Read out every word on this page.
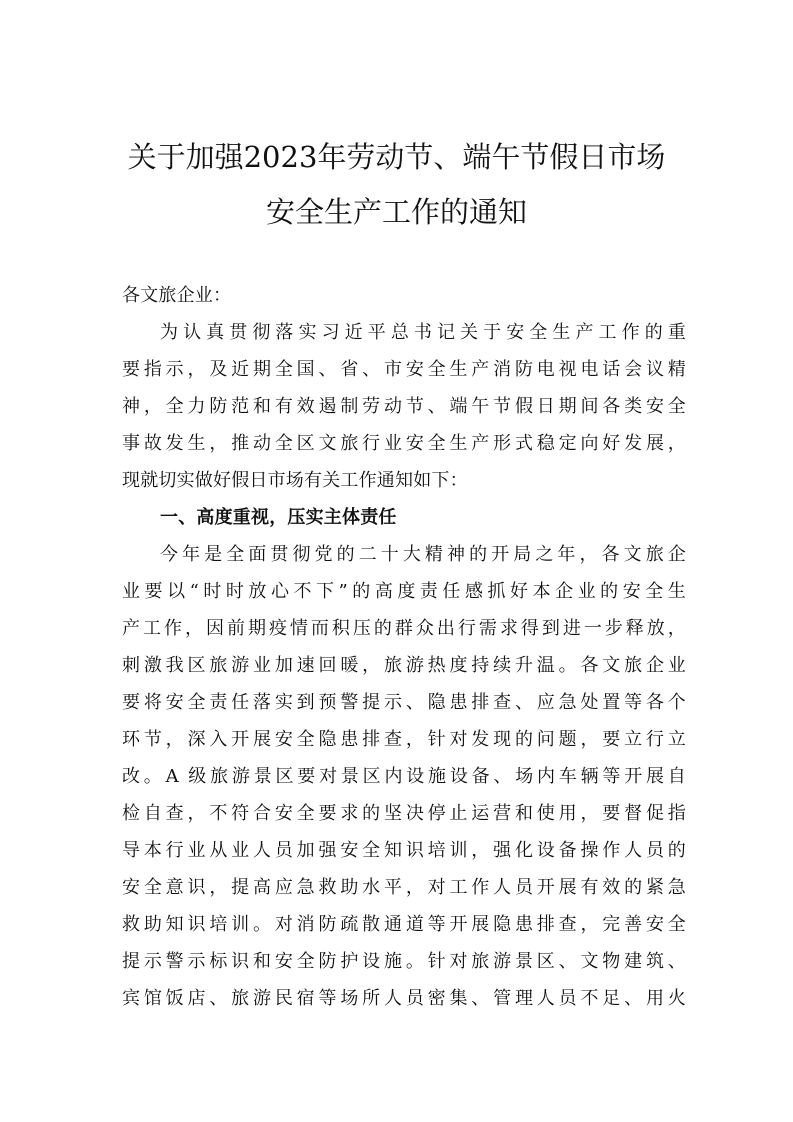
关于加强2023年劳动节、端午节假日市场
安全生产工作的通知
各文旅企业：
为认真贯彻落实习近平总书记关于安全生产工作的重
要指示，及近期全国、省、市安全生产消防电视电话会议精
神，全力防范和有效遏制劳动节、端午节假日期间各类安全
事故发生，推动全区文旅行业安全生产形式稳定向好发展，
现就切实做好假日市场有关工作通知如下：
一、高度重视，压实主体责任
今年是全面贯彻党的二十大精神的开局之年，各文旅企
业要以“时时放心不下”的高度责任感抓好本企业的安全生
产工作，因前期疫情而积压的群众出行需求得到进一步释放，
刺激我区旅游业加速回暖，旅游热度持续升温。各文旅企业
要将安全责任落实到预警提示、隐患排查、应急处置等各个
环节，深入开展安全隐患排查，针对发现的问题，要立行立
改。A 级旅游景区要对景区内设施设备、场内车辆等开展自
检自查，不符合安全要求的坚决停止运营和使用，要督促指
导本行业从业人员加强安全知识培训，强化设备操作人员的
安全意识，提高应急救助水平，对工作人员开展有效的紧急
救助知识培训。对消防疏散通道等开展隐患排查，完善安全
提示警示标识和安全防护设施。针对旅游景区、文物建筑、
宾馆饭店、旅游民宿等场所人员密集、管理人员不足、用火
